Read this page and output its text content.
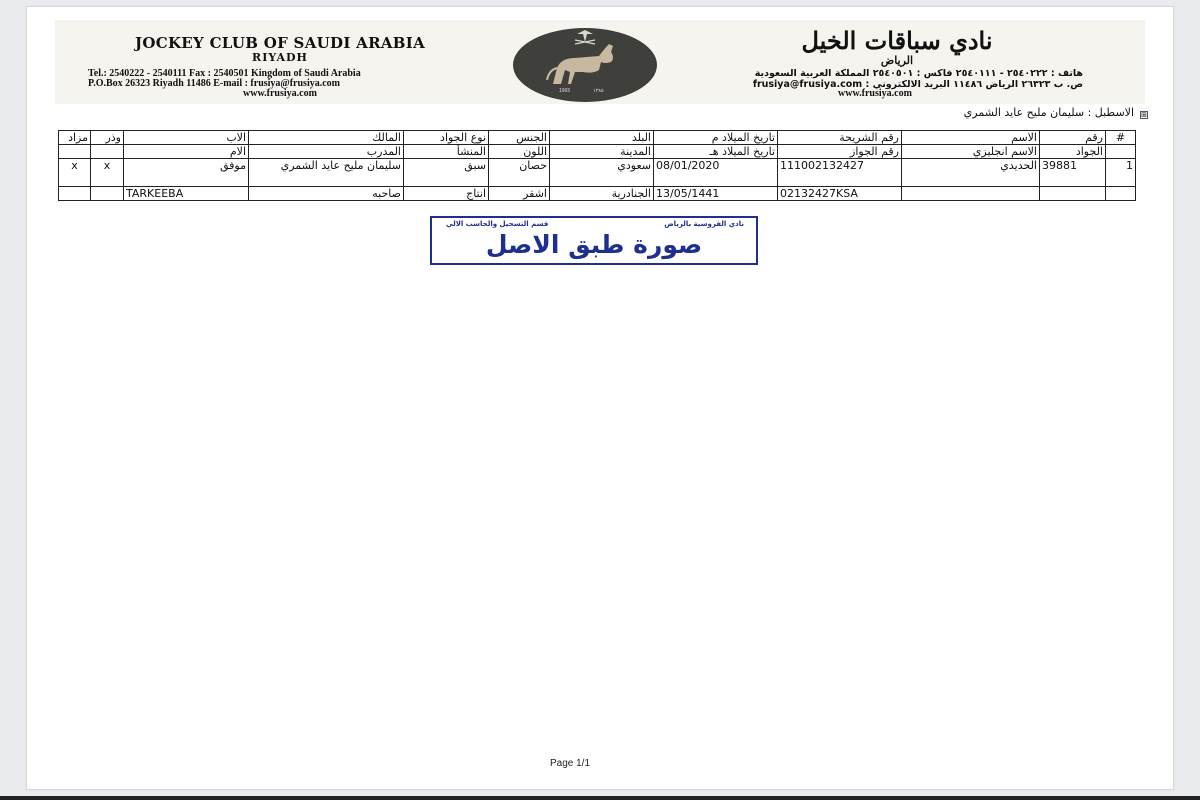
JOCKEY CLUB OF SAUDI ARABIA
RIYADH
Tel.: 2540222 - 2540111 Fax : 2540501 Kingdom of Saudi Arabia
P.O.Box 26323 Riyadh 11486 E-mail : frusiya@frusiya.com
www.frusiya.com	1965	١٣٨٥
نادي سباقات الخيل
الرياض
هاتف : ٢٥٤٠٢٢٢ - ٢٥٤٠١١١ فاكس : ٢٥٤٠٥٠١ المملكة العربية السعودية
ص. ب ٢٦٣٢٣ الرياض ١١٤٨٦ البريد الالكتروني : frusiya@frusiya.com
www.frusiya.com
⊞الاسطبل : سليمان مليح عايد الشمري
#	رقم	الاسم	رقم الشريحة	تاريخ الميلاد م	البلد	الجنس	نوع الجواد	المالك	الاب	وذر	مزاد
	الجواد	الاسم انجليزي	رقم الجواز	تاريخ الميلاد هـ	المدينة	اللون	المنشأ	المدرب	الام		
1	39881	الحديدي	111002132427	08/01/2020	سعودي	حصان	سبق	سليمان مليح عايد الشمري	موفق	x	x
			02132427KSA	13/05/1441	الجنادرية	اشقر	انتاج	صاحبه	TARKEEBA		
نادي الفروسية بالرياض
قسم التسجيل والحاسب الالي
صورة طبق الاصل
Page 1/1
